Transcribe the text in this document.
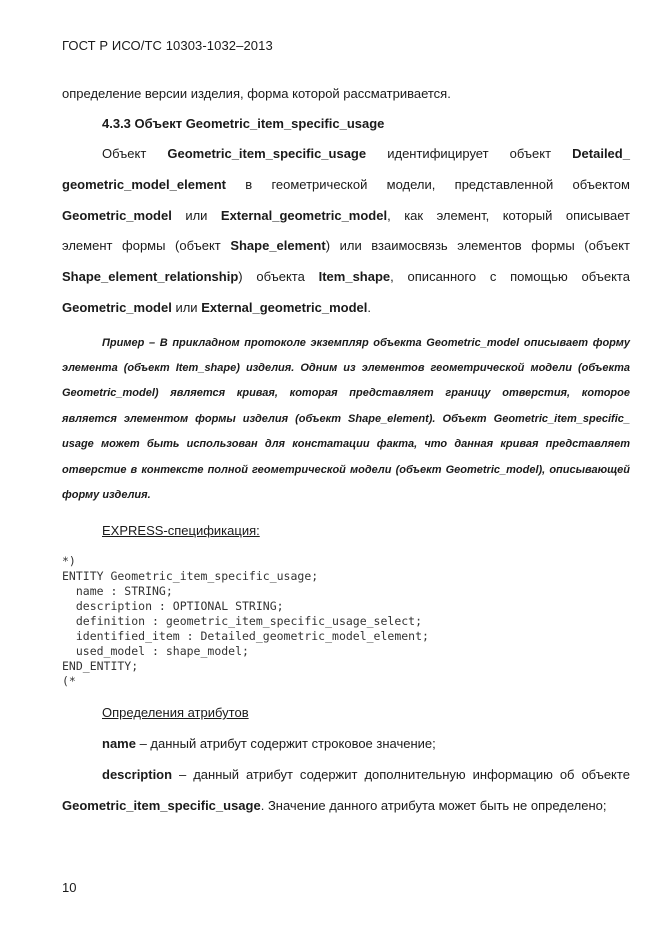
ГОСТ Р ИСО/ТС 10303-1032–2013
определение версии изделия, форма которой рассматривается.
4.3.3 Объект Geometric_item_specific_usage
Объект Geometric_item_specific_usage идентифицирует объект Detailed_
geometric_model_element в геометрической модели, представленной объектом
Geometric_model или External_geometric_model, как элемент, который описывает
элемент формы (объект Shape_element) или взаимосвязь элементов формы (объект
Shape_element_relationship) объекта Item_shape, описанного с помощью объекта
Geometric_model или External_geometric_model.
Пример – В прикладном протоколе экземпляр объекта Geometric_model описывает форму
элемента (объект Item_shape) изделия. Одним из элементов геометрической модели (объекта
Geometric_model) является кривая, которая представляет границу отверстия, которое
является элементом формы изделия (объект Shape_element). Объект Geometric_item_specific_
usage может быть использован для констатации факта, что данная кривая представляет
отверстие в контексте полной геометрической модели (объект Geometric_model), описывающей
форму изделия.
EXPRESS-спецификация:
*)
ENTITY Geometric_item_specific_usage;
name : STRING;
description : OPTIONAL STRING;
definition : geometric_item_specific_usage_select;
identified_item : Detailed_geometric_model_element;
used_model : shape_model;
END_ENTITY;
(*
Определения атрибутов
name – данный атрибут содержит строковое значение;
description – данный атрибут содержит дополнительную информацию об объекте
Geometric_item_specific_usage. Значение данного атрибута может быть не определено;
10
